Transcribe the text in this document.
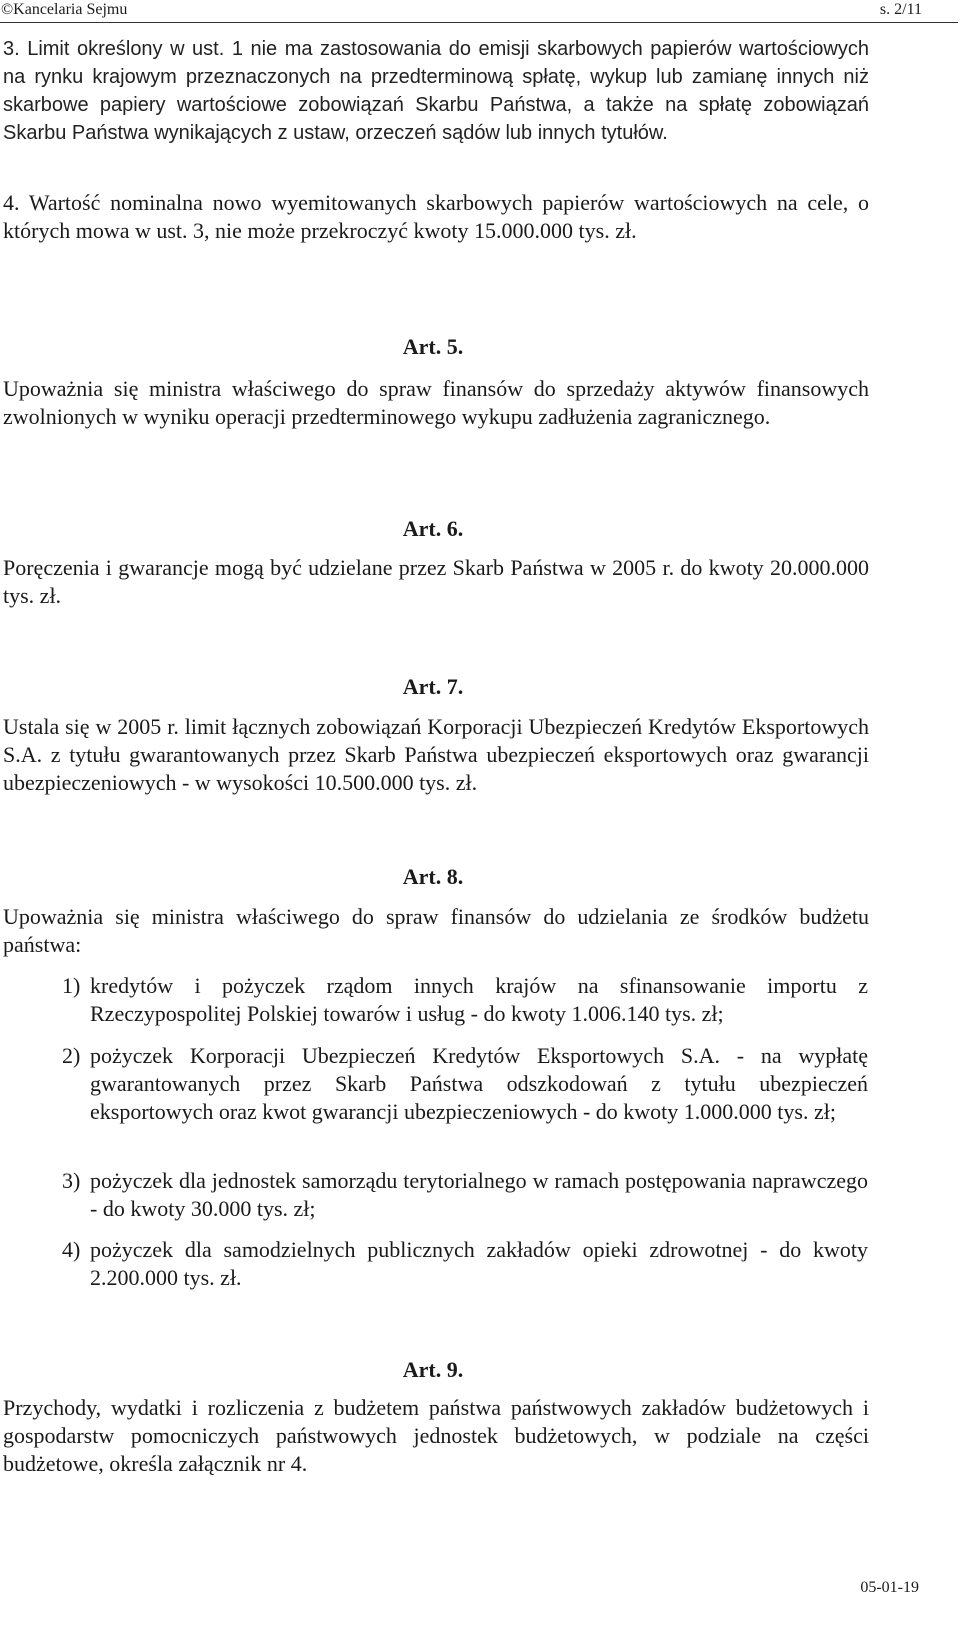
©Kancelaria Sejmu	s. 2/11
3. Limit określony w ust. 1 nie ma zastosowania do emisji skarbowych papierów wartościowych na rynku krajowym przeznaczonych na przedterminową spłatę, wykup lub zamianę innych niż skarbowe papiery wartościowe zobowiązań Skarbu Państwa, a także na spłatę zobowiązań Skarbu Państwa wynikających z ustaw, orzeczeń sądów lub innych tytułów.
4. Wartość nominalna nowo wyemitowanych skarbowych papierów wartościowych na cele, o których mowa w ust. 3, nie może przekroczyć kwoty 15.000.000 tys. zł.
Art. 5.
Upoważnia się ministra właściwego do spraw finansów do sprzedaży aktywów finansowych zwolnionych w wyniku operacji przedterminowego wykupu zadłużenia zagranicznego.
Art. 6.
Poręczenia i gwarancje mogą być udzielane przez Skarb Państwa w 2005 r. do kwoty 20.000.000 tys. zł.
Art. 7.
Ustala się w 2005 r. limit łącznych zobowiązań Korporacji Ubezpieczeń Kredytów Eksportowych S.A. z tytułu gwarantowanych przez Skarb Państwa ubezpieczeń eksportowych oraz gwarancji ubezpieczeniowych - w wysokości 10.500.000 tys. zł.
Art. 8.
Upoważnia się ministra właściwego do spraw finansów do udzielania ze środków budżetu państwa:
1) kredytów i pożyczek rządom innych krajów na sfinansowanie importu z Rzeczypospolitej Polskiej towarów i usług - do kwoty 1.006.140 tys. zł;
2) pożyczek Korporacji Ubezpieczeń Kredytów Eksportowych S.A. - na wypłatę gwarantowanych przez Skarb Państwa odszkodowań z tytułu ubezpieczeń eksportowych oraz kwot gwarancji ubezpieczeniowych - do kwoty 1.000.000 tys. zł;
3) pożyczek dla jednostek samorządu terytorialnego w ramach postępowania naprawczego - do kwoty 30.000 tys. zł;
4) pożyczek dla samodzielnych publicznych zakładów opieki zdrowotnej - do kwoty 2.200.000 tys. zł.
Art. 9.
Przychody, wydatki i rozliczenia z budżetem państwa państwowych zakładów budżetowych i gospodarstw pomocniczych państwowych jednostek budżetowych, w podziale na części budżetowe, określa załącznik nr 4.
05-01-19
